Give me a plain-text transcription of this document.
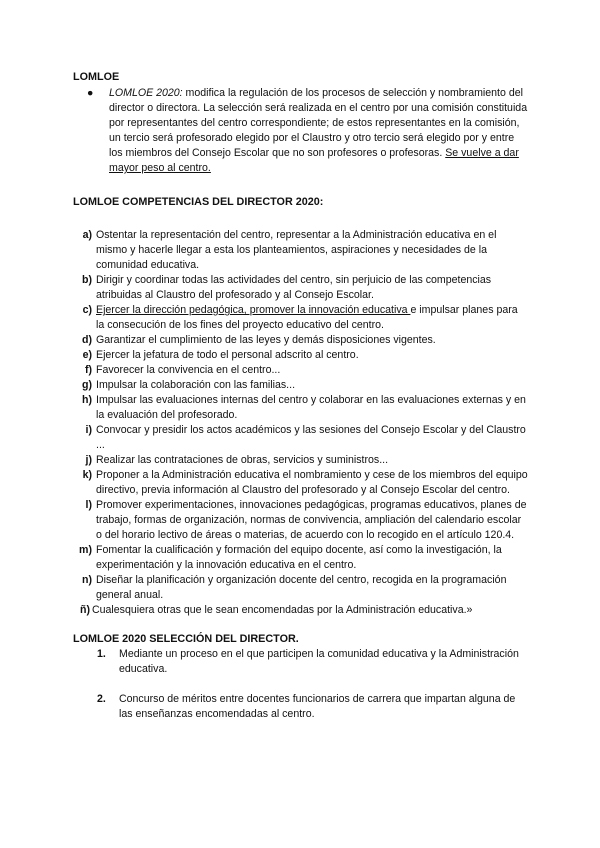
LOMLOE

● LOMLOE 2020: modifica la regulación de los procesos de selección y nombramiento del director o directora. La selección será realizada en el centro por una comisión constituida por representantes del centro correspondiente; de estos representantes en la comisión, un tercio será profesorado elegido por el Claustro y otro tercio será elegido por y entre los miembros del Consejo Escolar que no son profesores o profesoras. Se vuelve a dar mayor peso al centro.

LOMLOE COMPETENCIAS DEL DIRECTOR 2020:

a) Ostentar la representación del centro, representar a la Administración educativa en el mismo y hacerle llegar a esta los planteamientos, aspiraciones y necesidades de la comunidad educativa.
b) Dirigir y coordinar todas las actividades del centro, sin perjuicio de las competencias atribuidas al Claustro del profesorado y al Consejo Escolar.
c) Ejercer la dirección pedagógica, promover la innovación educativa e impulsar planes para la consecución de los fines del proyecto educativo del centro.
d) Garantizar el cumplimiento de las leyes y demás disposiciones vigentes.
e) Ejercer la jefatura de todo el personal adscrito al centro.
f) Favorecer la convivencia en el centro...
g) Impulsar la colaboración con las familias...
h) Impulsar las evaluaciones internas del centro y colaborar en las evaluaciones externas y en la evaluación del profesorado.
i) Convocar y presidir los actos académicos y las sesiones del Consejo Escolar y del Claustro ...
j) Realizar las contrataciones de obras, servicios y suministros...
k) Proponer a la Administración educativa el nombramiento y cese de los miembros del equipo directivo, previa información al Claustro del profesorado y al Consejo Escolar del centro.
l) Promover experimentaciones, innovaciones pedagógicas, programas educativos, planes de trabajo, formas de organización, normas de convivencia, ampliación del calendario escolar o del horario lectivo de áreas o materias, de acuerdo con lo recogido en el artículo 120.4.
m) Fomentar la cualificación y formación del equipo docente, así como la investigación, la experimentación y la innovación educativa en el centro.
n) Diseñar la planificación y organización docente del centro, recogida en la programación general anual.
ñ) Cualesquiera otras que le sean encomendadas por la Administración educativa.»

LOMLOE 2020 SELECCIÓN DEL DIRECTOR.

1. Mediante un proceso en el que participen la comunidad educativa y la Administración educativa.
2. Concurso de méritos entre docentes funcionarios de carrera que impartan alguna de las enseñanzas encomendadas al centro.
